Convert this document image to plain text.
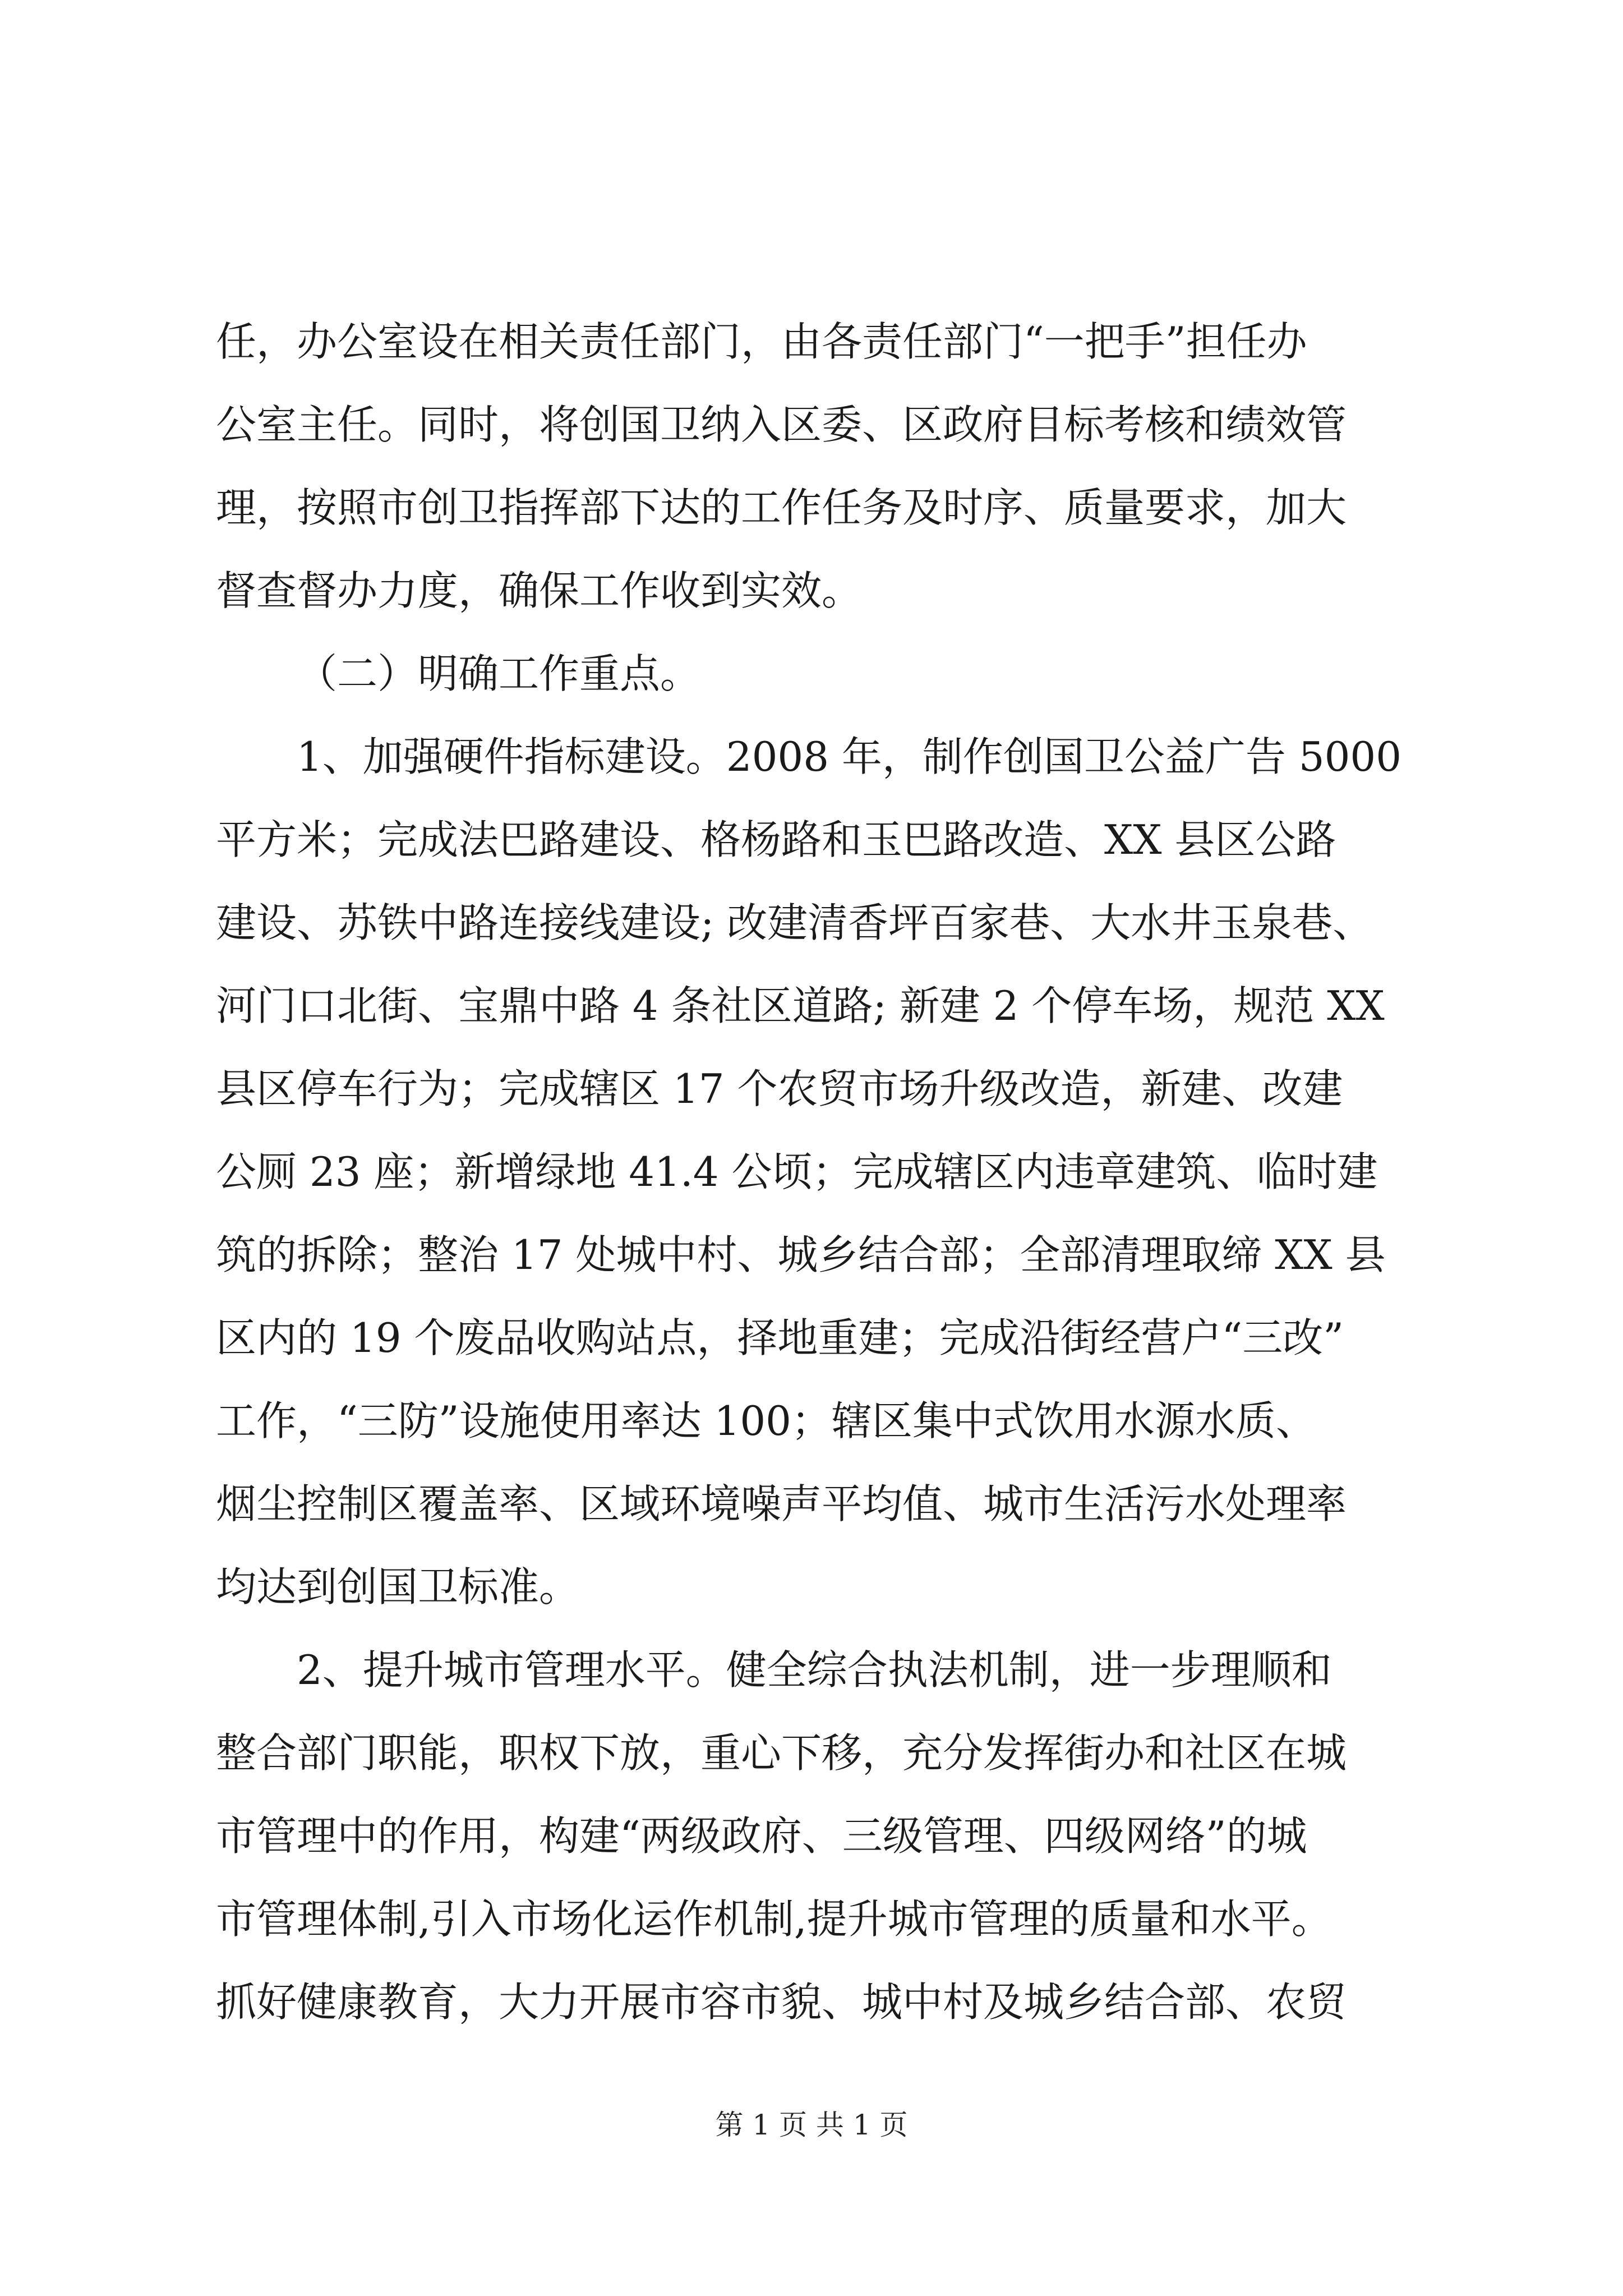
任，办公室设在相关责任部门，由各责任部门“一把手”担任办
公室主任。同时，将创国卫纳入区委、区政府目标考核和绩效管
理，按照市创卫指挥部下达的工作任务及时序、质量要求，加大
督查督办力度，确保工作收到实效。
（二）明确工作重点。
1、加强硬件指标建设。2008 年，制作创国卫公益广告 5000
平方米；完成法巴路建设、格杨路和玉巴路改造、XX 县区公路
建设、苏铁中路连接线建设; 改建清香坪百家巷、大水井玉泉巷、
河门口北街、宝鼎中路 4 条社区道路; 新建 2 个停车场，规范 XX
县区停车行为；完成辖区 17 个农贸市场升级改造，新建、改建
公厕 23 座；新增绿地 41.4 公顷；完成辖区内违章建筑、临时建
筑的拆除；整治 17 处城中村、城乡结合部；全部清理取缔 XX 县
区内的 19 个废品收购站点，择地重建；完成沿街经营户“三改”
工作，“三防”设施使用率达 100；辖区集中式饮用水源水质、
烟尘控制区覆盖率、区域环境噪声平均值、城市生活污水处理率
均达到创国卫标准。
2、提升城市管理水平。健全综合执法机制，进一步理顺和
整合部门职能，职权下放，重心下移，充分发挥街办和社区在城
市管理中的作用，构建“两级政府、三级管理、四级网络”的城
市管理体制,引入市场化运作机制,提升城市管理的质量和水平。
抓好健康教育，大力开展市容市貌、城中村及城乡结合部、农贸
第 1 页 共 1 页
